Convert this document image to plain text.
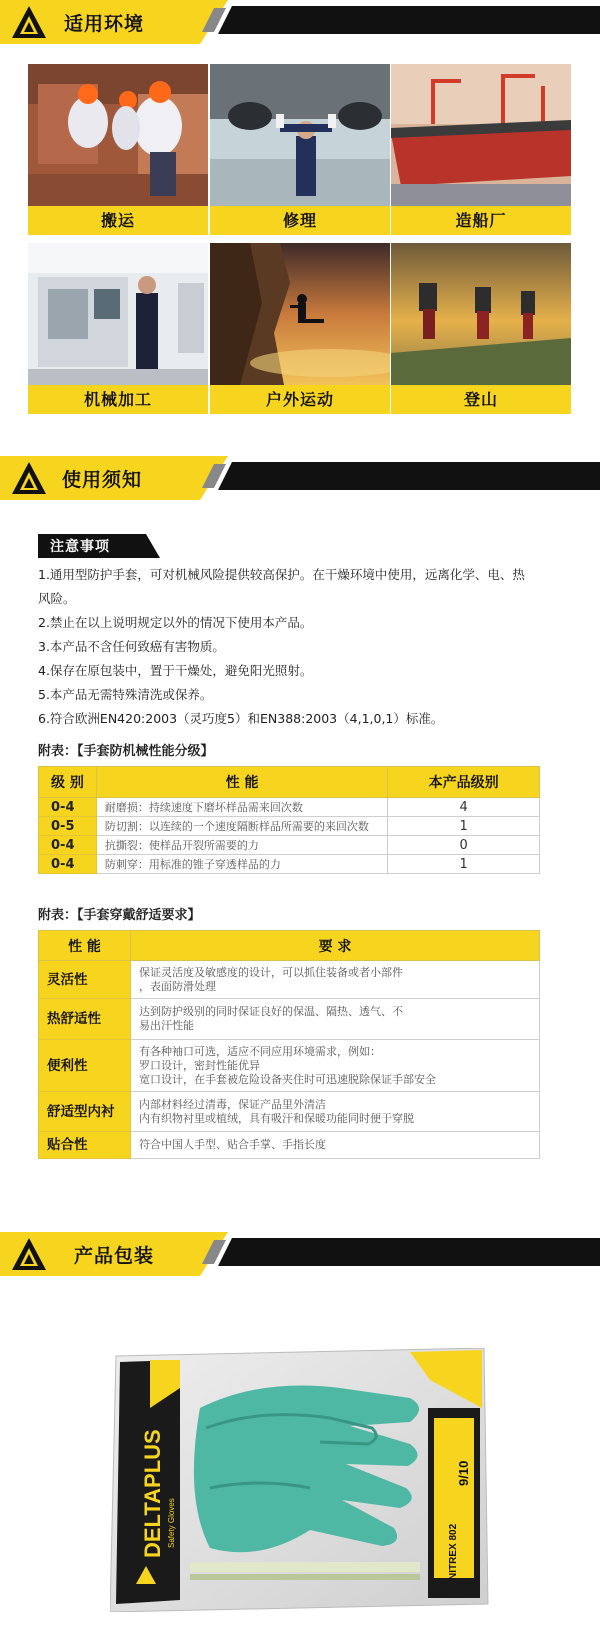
适用环境
搬运	修理	造船厂
机械加工	户外运动	登山
使用须知
注意事项

1.通用型防护手套，可对机械风险提供较高保护。在干燥环境中使用，远离化学、电、热

风险。

2.禁止在以上说明规定以外的情况下使用本产品。

3.本产品不含任何致癌有害物质。

4.保存在原包装中，置于干燥处，避免阳光照射。

5.本产品无需特殊清洗或保养。

6.符合欧洲EN420:2003（灵巧度5）和EN388:2003（4,1,0,1）标准。

附表：【手套防机械性能分级】
级 别	性 能	本产品级别
0-4	耐磨损：持续速度下磨坏样品需来回次数	4
0-5	防切割：以连续的一个速度隔断样品所需要的来回次数	1
0-4	抗撕裂：使样品开裂所需要的力	0
0-4	防刺穿：用标准的锥子穿透样品的力	1
附表：【手套穿戴舒适要求】
性 能	要 求
灵活性	保证灵活度及敏感度的设计，可以抓住装备或者小部件
，表面防滑处理

热舒适性	达到防护级别的同时保证良好的保温、隔热、透气、不
易出汗性能

便利性	有各种袖口可选，适应不同应用环境需求，例如：
罗口设计，密封性能优异
宽口设计，在手套被危险设备夹住时可迅速脱除保证手部安全

舒适型内衬	内部材料经过清毒，保证产品里外清洁
内有织物衬里或植绒，具有吸汗和保暖功能同时便于穿脱

贴合性	符合中国人手型、贴合手掌、手指长度
产品包装
DELTAPLUS Safety Gloves
NITREX 802
9/10
